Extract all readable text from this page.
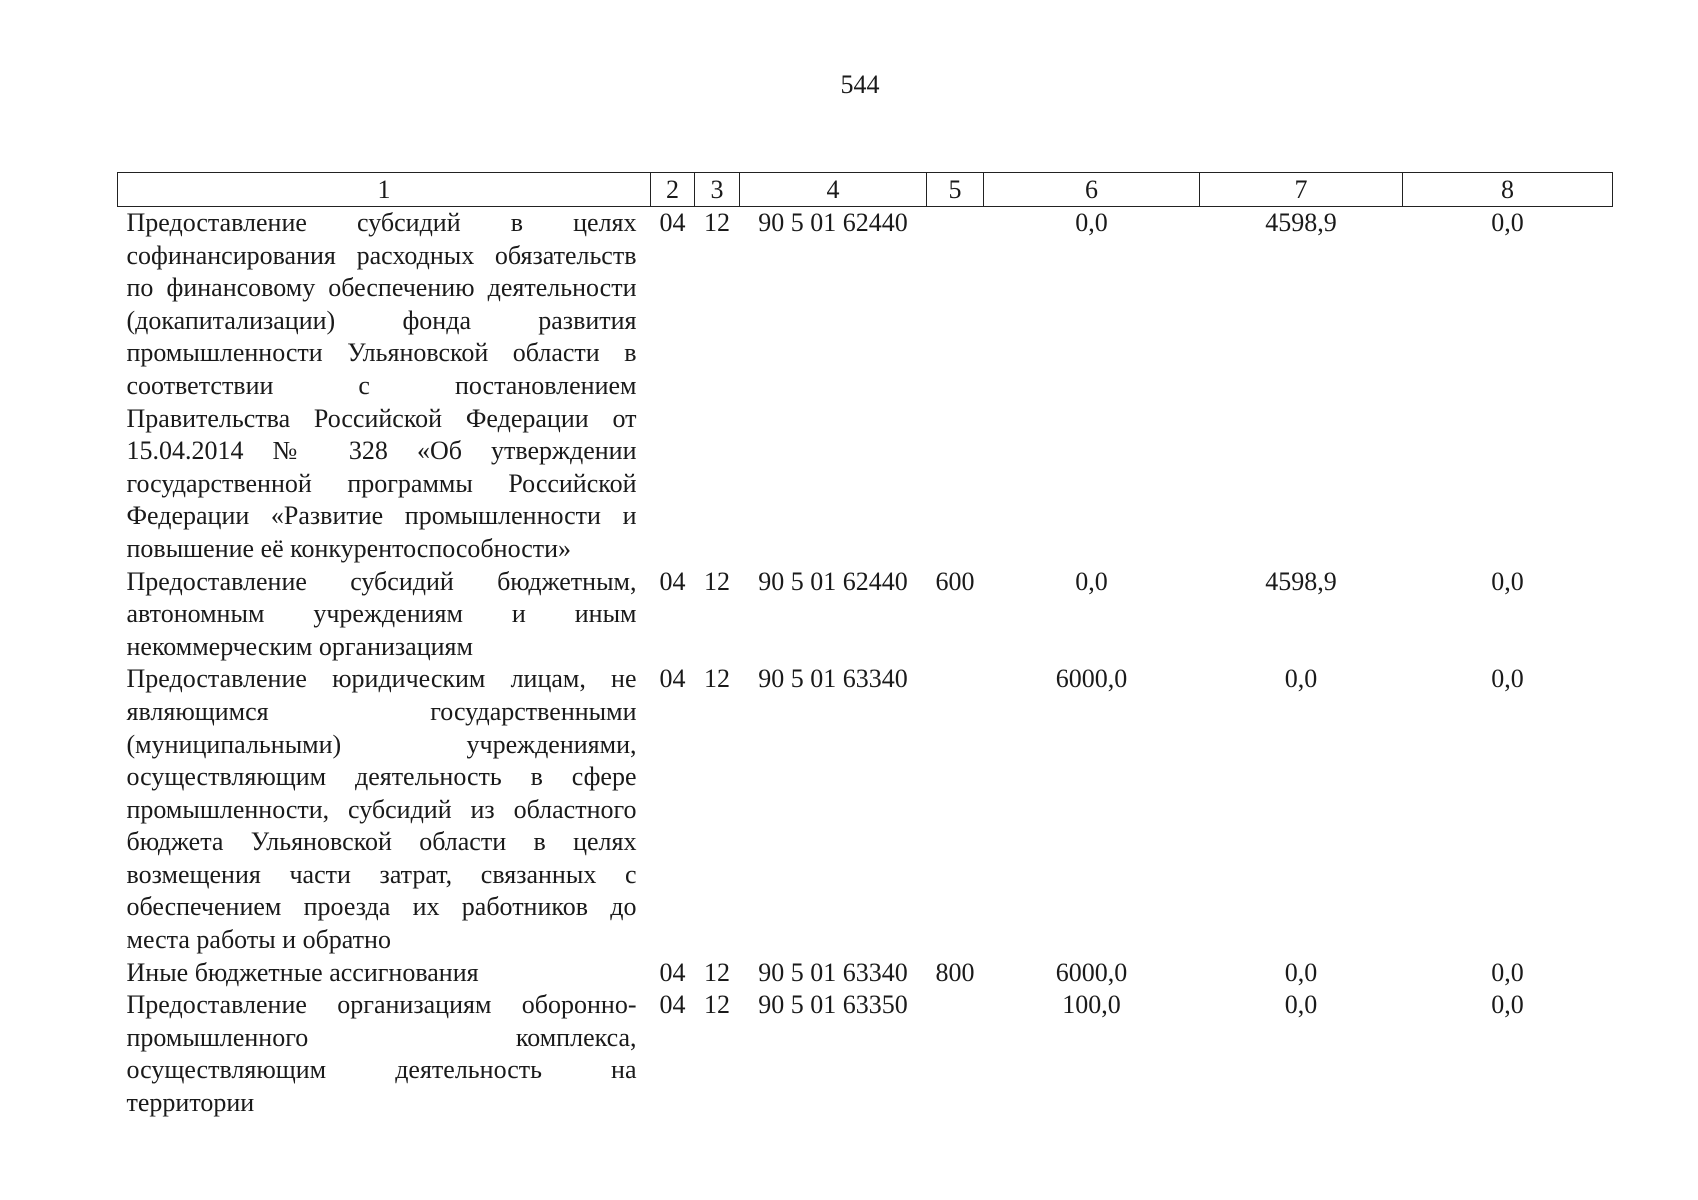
544
1	2	3	4	5	6	7	8
Предоставление субсидий в целях софинансирования расходных обязательств по финансовому обеспечению деятельности (докапитализации) фонда развития промышленности Ульяновской области в соответствии с постановлением Правительства Российской Федерации от 15.04.2014 № 328 «Об утверждении государственной программы Российской Федерации «Развитие промышленности и повышение её конкурентоспособности»	04	12	90 5 01 62440		0,0	4598,9	0,0
Предоставление субсидий бюджетным, автономным учреждениям и иным некоммерческим организациям	04	12	90 5 01 62440	600	0,0	4598,9	0,0
Предоставление юридическим лицам, не являющимся государственными (муниципальными) учреждениями, осуществляющим деятельность в сфере промышленности, субсидий из областного бюджета Ульяновской области в целях возмещения части затрат, связанных с обеспечением проезда их работников до места работы и обратно	04	12	90 5 01 63340		6000,0	0,0	0,0
Иные бюджетные ассигнования	04	12	90 5 01 63340	800	6000,0	0,0	0,0
Предоставление организациям оборонно-промышленного комплекса, осуществляющим деятельность на территории	04	12	90 5 01 63350		100,0	0,0	0,0
